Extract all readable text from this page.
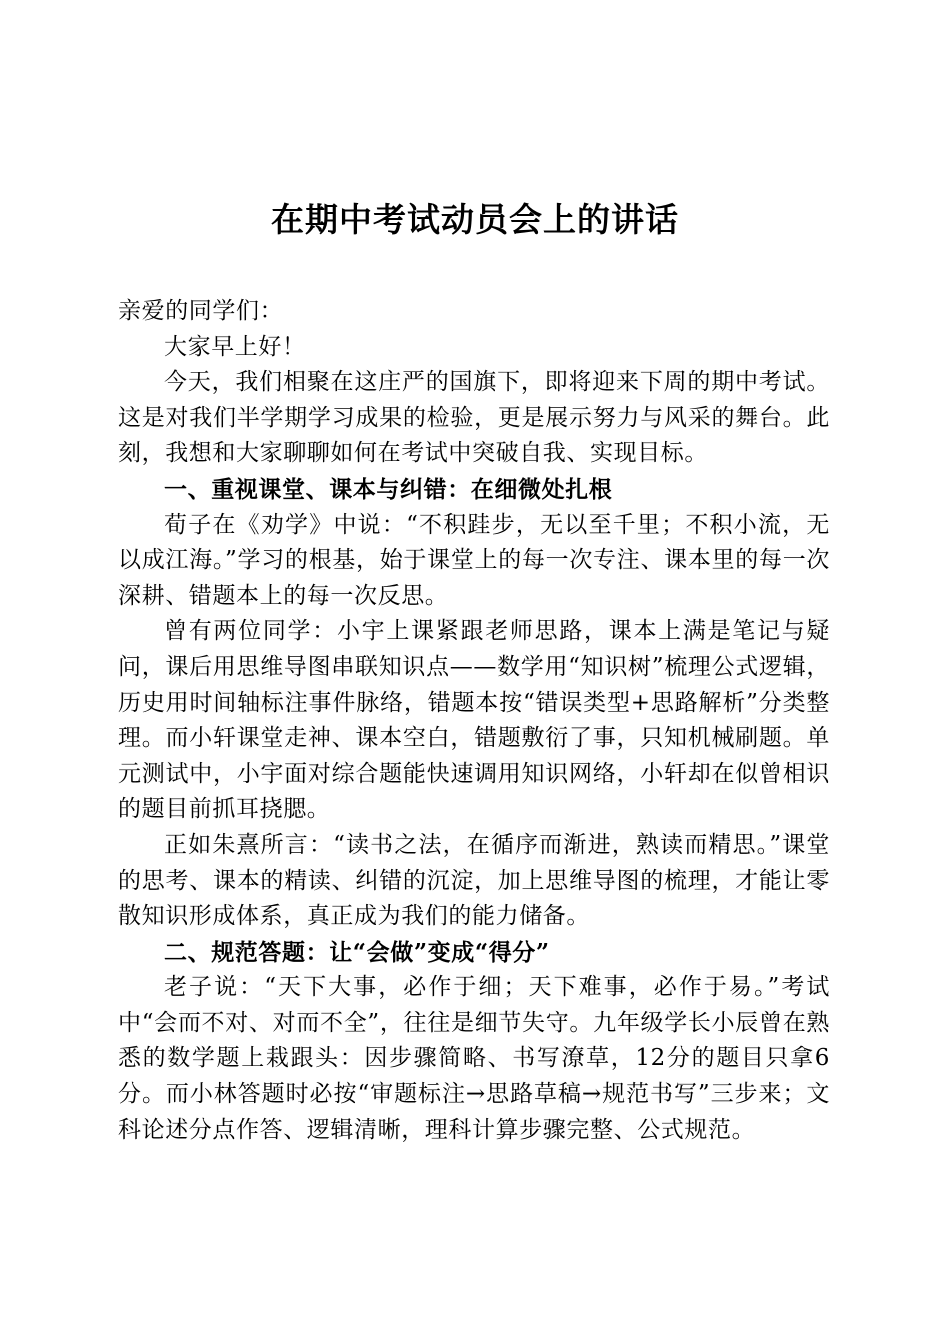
在期中考试动员会上的讲话

亲爱的同学们：

大家早上好！

今天，我们相聚在这庄严的国旗下，即将迎来下周的期中考试。这是对我们半学期学习成果的检验，更是展示努力与风采的舞台。此刻，我想和大家聊聊如何在考试中突破自我、实现目标。

一、重视课堂、课本与纠错：在细微处扎根

荀子在《劝学》中说：“不积跬步，无以至千里；不积小流，无以成江海。”学习的根基，始于课堂上的每一次专注、课本里的每一次深耕、错题本上的每一次反思。

曾有两位同学：小宇上课紧跟老师思路，课本上满是笔记与疑问，课后用思维导图串联知识点——数学用“知识树”梳理公式逻辑，历史用时间轴标注事件脉络，错题本按“错误类型+思路解析”分类整理。而小轩课堂走神、课本空白，错题敷衍了事，只知机械刷题。单元测试中，小宇面对综合题能快速调用知识网络，小轩却在似曾相识的题目前抓耳挠腮。

正如朱熹所言：“读书之法，在循序而渐进，熟读而精思。”课堂的思考、课本的精读、纠错的沉淀，加上思维导图的梳理，才能让零散知识形成体系，真正成为我们的能力储备。

二、规范答题：让“会做”变成“得分”

老子说：“天下大事，必作于细；天下难事，必作于易。”考试中“会而不对、对而不全”，往往是细节失守。九年级学长小辰曾在熟悉的数学题上栽跟头：因步骤简略、书写潦草，12分的题目只拿6分。而小林答题时必按“审题标注→思路草稿→规范书写”三步来；文科论述分点作答、逻辑清晰，理科计算步骤完整、公式规范。
